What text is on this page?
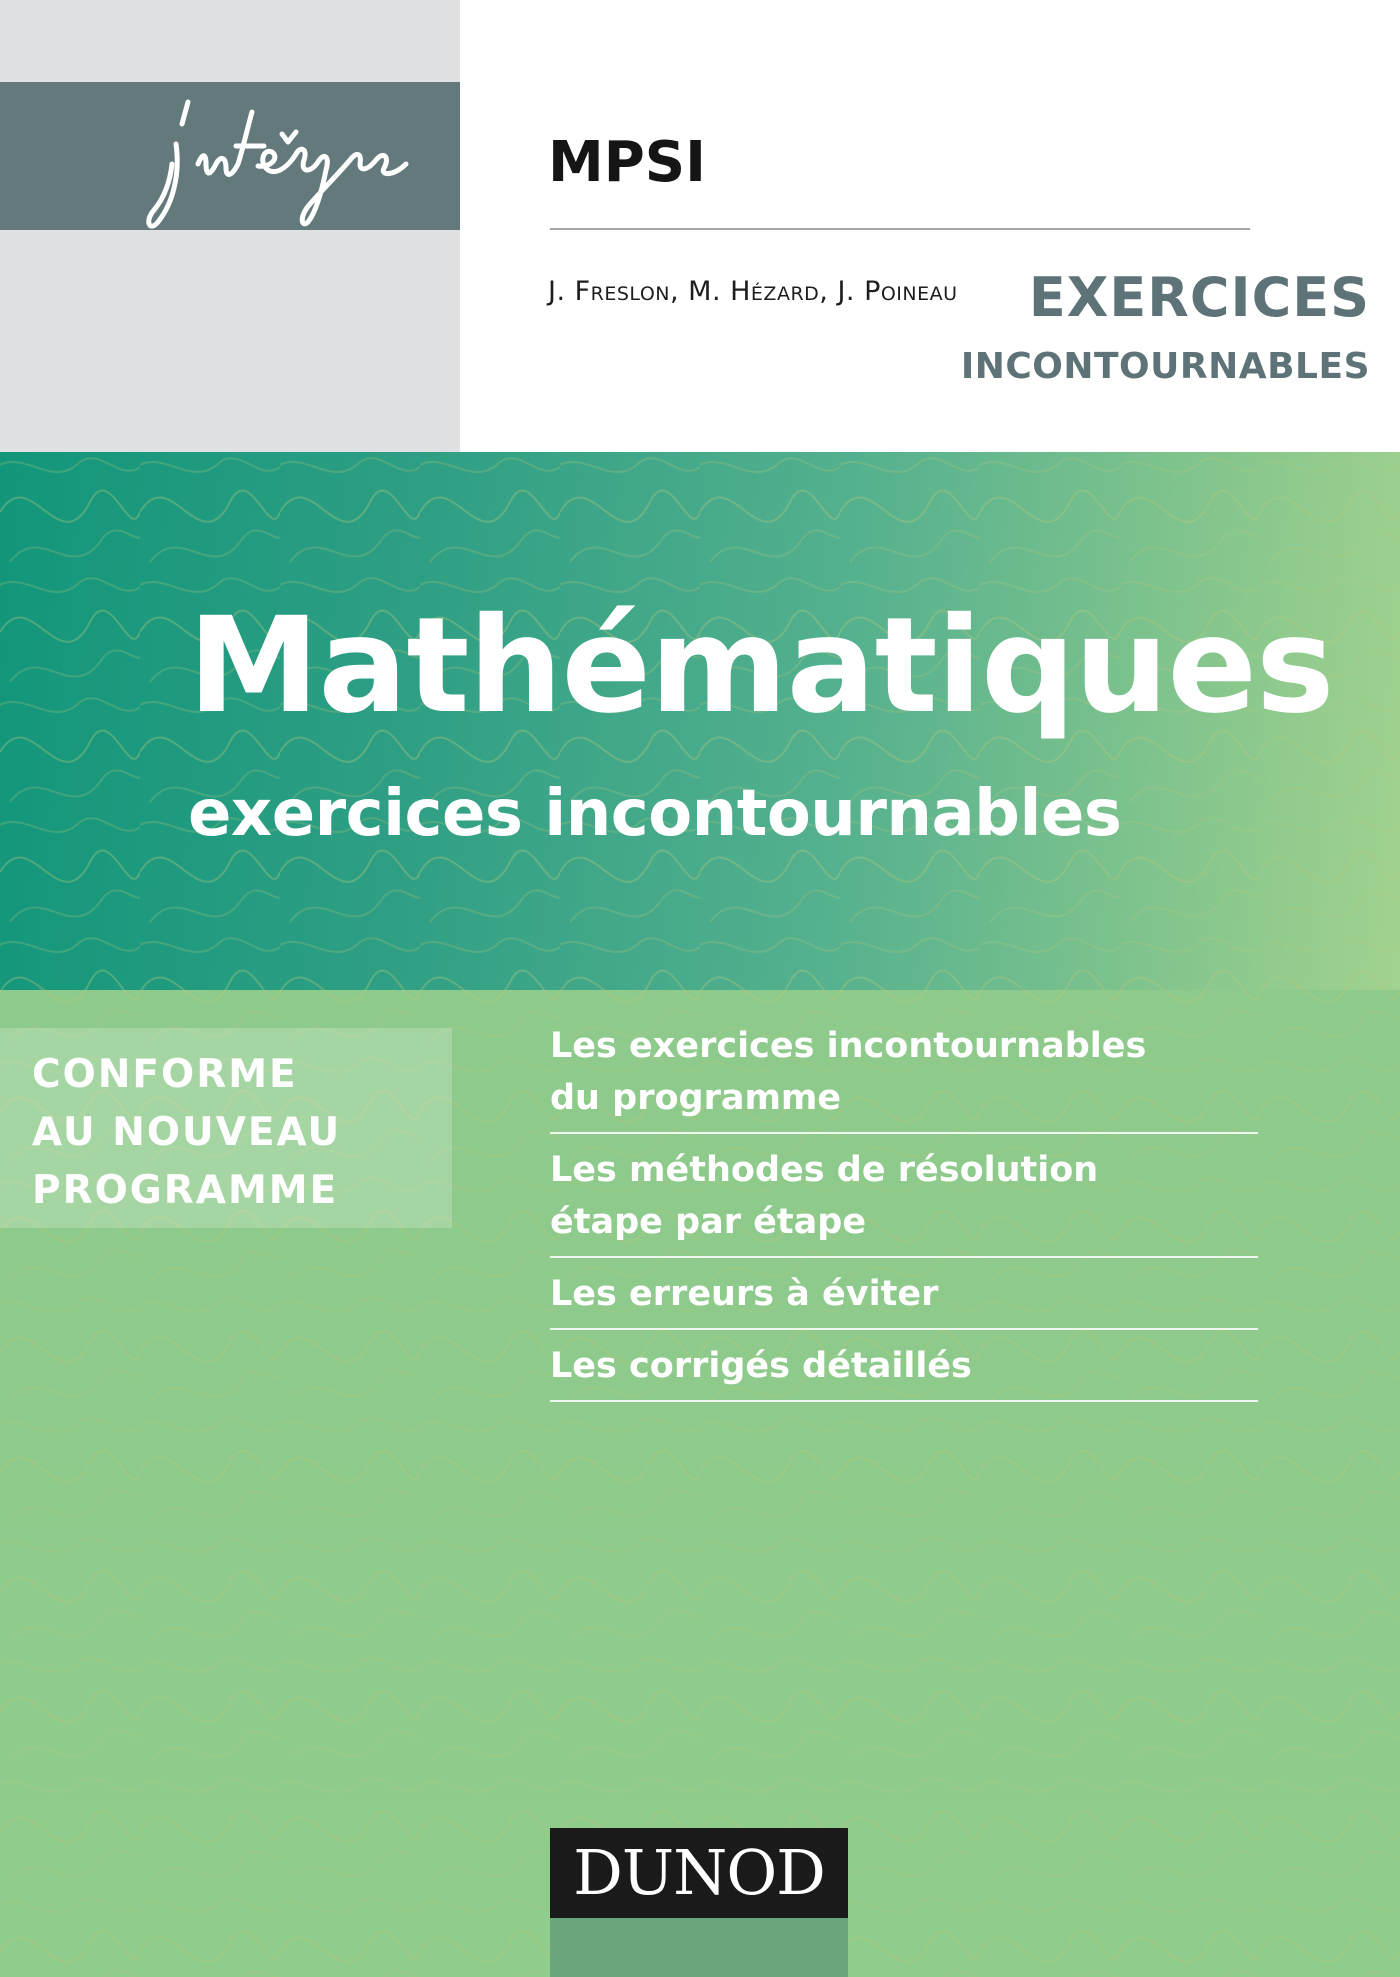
EXERCICES
INCONTOURNABLES
MPSI
J. Freslon, M. Hézard, J. Poineau
Mathématiques
exercices incontournables
CONFORME
AU NOUVEAU
PROGRAMME
Les exercices incontournables
du programme
Les méthodes de résolution
étape par étape
Les erreurs à éviter
Les corrigés détaillés
DUNOD
